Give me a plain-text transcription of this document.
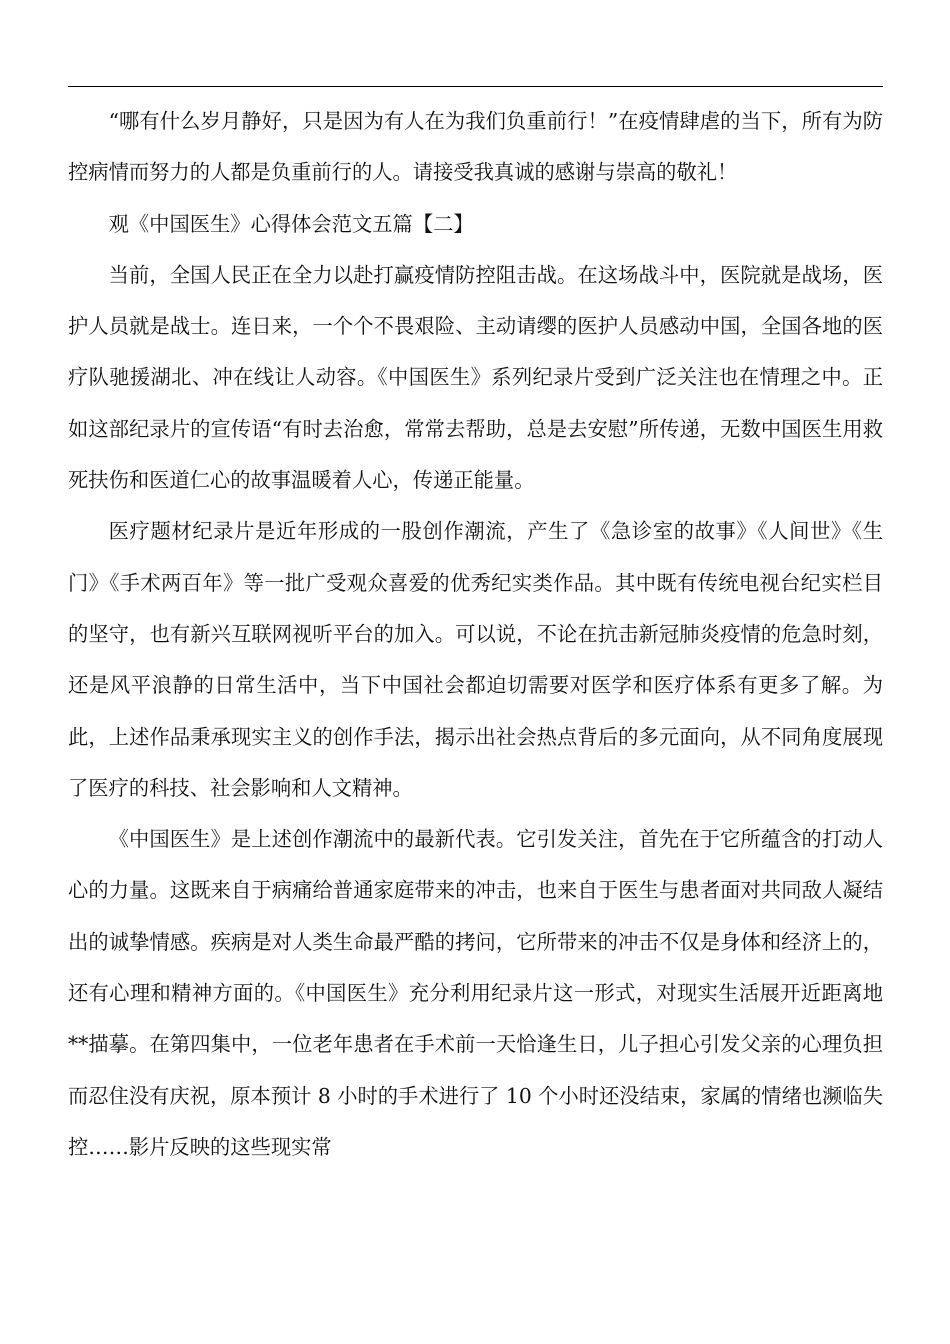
“哪有什么岁月静好，只是因为有人在为我们负重前行！”在疫情肆虐的当下，所有为防控病情而努力的人都是负重前行的人。请接受我真诚的感谢与崇高的敬礼！

观《中国医生》心得体会范文五篇【二】

当前，全国人民正在全力以赴打赢疫情防控阻击战。在这场战斗中，医院就是战场，医护人员就是战士。连日来，一个个不畏艰险、主动请缨的医护人员感动中国，全国各地的医疗队驰援湖北、冲在线让人动容。《中国医生》系列纪录片受到广泛关注也在情理之中。正如这部纪录片的宣传语“有时去治愈，常常去帮助，总是去安慰”所传递，无数中国医生用救死扶伤和医道仁心的故事温暖着人心，传递正能量。

医疗题材纪录片是近年形成的一股创作潮流，产生了《急诊室的故事》《人间世》《生门》《手术两百年》等一批广受观众喜爱的优秀纪实类作品。其中既有传统电视台纪实栏目的坚守，也有新兴互联网视听平台的加入。可以说，不论在抗击新冠肺炎疫情的危急时刻，还是风平浪静的日常生活中，当下中国社会都迫切需要对医学和医疗体系有更多了解。为此，上述作品秉承现实主义的创作手法，揭示出社会热点背后的多元面向，从不同角度展现了医疗的科技、社会影响和人文精神。

《中国医生》是上述创作潮流中的最新代表。它引发关注，首先在于它所蕴含的打动人心的力量。这既来自于病痛给普通家庭带来的冲击，也来自于医生与患者面对共同敌人凝结出的诚挚情感。疾病是对人类生命最严酷的拷问，它所带来的冲击不仅是身体和经济上的，还有心理和精神方面的。《中国医生》充分利用纪录片这一形式，对现实生活展开近距离地**描摹。在第四集中，一位老年患者在手术前一天恰逢生日，儿子担心引发父亲的心理负担而忍住没有庆祝，原本预计 8 小时的手术进行了 10 个小时还没结束，家属的情绪也濒临失控……影片反映的这些现实常
